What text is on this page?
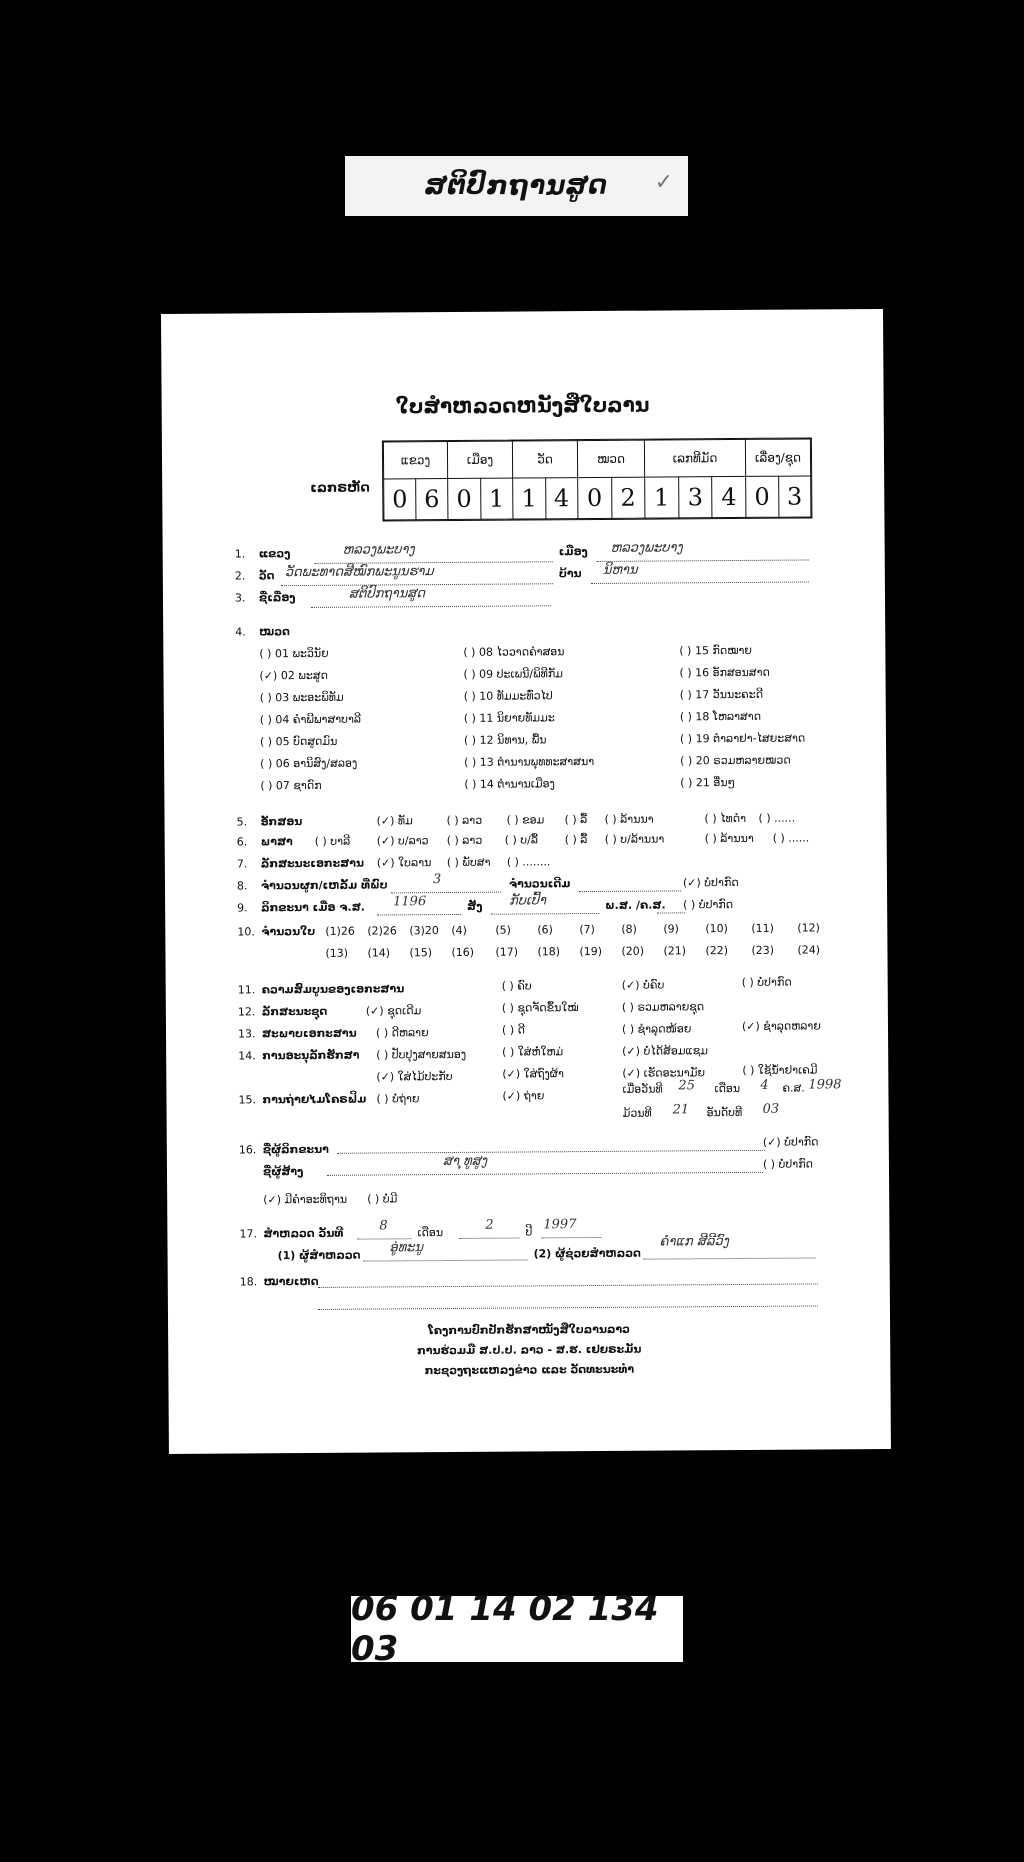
ສຕິປົກຖານສູດ ✓
ໃບສໍາຫລວດຫນັງສືໃບລານ
ເລກຣຫັດ
ແຂວງ		ເມືອງ		ວັດ		ໝວດ		ເລກທີມັດ			ເລື່ອງ/ຊຸດ	
0	6	0	1	1	4	0	2	1	3	4	0	3
1. ແຂວງ	ຫລວງພະບາງ	ເມືອງ ຫລວງພະບາງ
2. ວັດ ວັດພະທາດສີໝົກພະນູນຮາມ	ບ້ານ ນິຫານ
3. ຊື່ເລື່ອງ	ສຕິປົກຖານສູດ
4. ໝວດ
( ) 01 ພະວິນັຍ
(✓) 02 ພະສູດ
( ) 03 ພະອະພິທັມ
( ) 04 ຄໍາພີພາສາບາລີ
( ) 05 ບົດສູດມົນ
( ) 06 ອານິສົງ/ສລອງ
( ) 07 ຊາດົກ
( ) 08 ໄວວາດຄໍາສອນ
( ) 09 ປະເພນີ/ພິທີກັມ
( ) 10 ທັມມະທົ່ວໄປ
( ) 11 ນິຍາຍທັມມະ
( ) 12 ນິທານ, ພື້ນ
( ) 13 ຕໍານານພຸທທະສາສນາ
( ) 14 ຕໍານານເມືອງ
( ) 15 ກົດໝາຍ
( ) 16 ອັກສອນສາດ
( ) 17 ວັນນະຄະດີ
( ) 18 ໂຫລາສາດ
( ) 19 ຕໍາລາຢາ-ໄສຍະສາດ
( ) 20 ຣວມຫລາຍໝວດ
( ) 21 ອື່ນໆ
5. ອັກສອນ	(✓) ທັມ	( ) ລາວ ( ) ຂອມ ( ) ລື້ ( ) ລ້ານນາ	( ) ໄທດໍາ ( ) ......
6. ພາສາ ( ) ບາລີ (✓) ບ/ລາວ ( ) ລາວ ( ) ບ/ລື້ ( ) ລື້ ( ) ບ/ລ້ານນາ	( ) ລ້ານນາ ( ) ......
7. ລັກສະນະເອກະສານ (✓) ໃບລານ ( ) ພັບສາ ( ) ........
8. ຈໍານວນຜູກ/ເຫລັ້ມ ທີ່ພົບ	3	ຈໍານວນເດີມ	(✓) ບໍ່ປາກົດ
9. ລິກຂະນາ ເມື່ອ ຈ.ສ. 1196	ສັງ ກັບເປົ້າ	ພ.ສ. /ຄ.ສ. ( ) ບໍ່ປາກົດ
10. ຈໍານວນໃບ (1)26 (2)26 (3)20 (4)	(5) (6) (7) (8) (9) (10) (11) (12)
(13) (14) (15) (16) (17) (18) (19) (20) (21) (22) (23) (24)
11. ຄວາມສົມບູນຂອງເອກະສານ	( ) ຄົບ	(✓) ບໍ່ຄົບ	( ) ບໍ່ປາກົດ
12. ລັກສະນະຊຸດ	(✓) ຊຸດເດີມ	( ) ຊຸດຈັດຂຶ້ນໃໝ່	( ) ຣວມຫລາຍຊຸດ
13. ສະພາບເອກະສານ ( ) ດີຫລາຍ	( ) ດີ	( ) ຊໍາລຸດໜ້ອຍ	(✓) ຊໍາລຸດຫລາຍ
14. ການອະນຸລັກຮັກສາ ( ) ປັບປຸງສາຍສນອງ	( ) ໃສ່ຫໍ່ໃຫມ່	(✓) ບໍ່ໄດ້ສ້ອມແຊມ
(✓) ໃສ່ໄມ້ປະກັບ	(✓) ໃສ່ຖົງຜ້າ	(✓) ເຮັດອະນາມັຍ	( ) ໃຊ້ນໍ້າຢາເຄມີ
15. ການຖ່າຍໄມໂຄຣຟິມ ( ) ບໍ່ຖ່າຍ	(✓) ຖ່າຍ
ເມື່ອວັນທີ 25 ເດືອນ 4 ຄ.ສ. 1998
ມ້ວນທີ 21 ອັນດັບທີ 03
16. ຊື່ຜູ້ລິກຂະນາ
(✓) ບໍ່ປາກົດ
ຊື່ຜູ້ສ້າງ
ສາ ຸທູສູງ	( ) ບໍ່ປາກົດ
(✓) ມີຄໍາອະທິຖານ ( ) ບໍ່ມີ
17. ສໍາຫລວດ ວັນທີ
8	ເດືອນ	2	ປີ 1997
(1) ຜູ້ສໍາຫລວດ ອູ່ທະນູ	(2) ຜູ້ຊ່ວຍສໍາຫລວດ
ຄໍາແກ ສີລີວົງ
18. ໝາຍເຫດ
ໂຄງການປົກປັກຮັກສາໜັງສືໃບລານລາວ
ການຮ່ວມມື ສ.ປ.ປ. ລາວ - ສ.ຮ. ເຢຍຣະມັນ
ກະຊວງຖະແຫລງຂ່າວ ແລະ ວັດທະນະທໍາ
06 01 14 02 134 03
